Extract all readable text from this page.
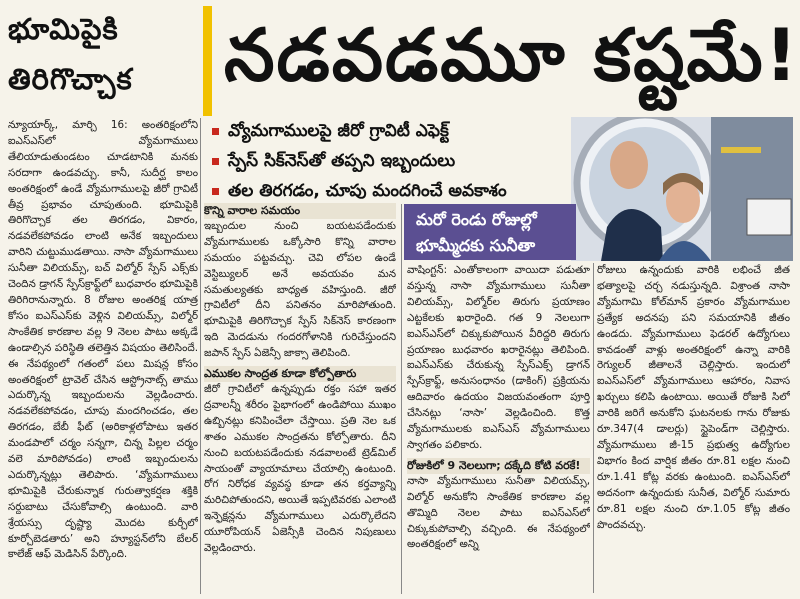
భూమిపైకి
తిరిగొచ్చాక	నడవడమూ కష్టమే!
వ్యోమగాములపై జీరో గ్రావిటీ ఎఫెక్ట్
స్పేస్ సిక్‌నెస్‌తో తప్పని ఇబ్బందులు
తల తిరగడం, చూపు మందగించే అవకాశం
మరో రెండు రోజుల్లో
భూమ్మీదకు సునీతా
న్యూయార్క్, మార్చి 16: అంతరిక్షంలోని ఐఎస్ఎస్‌లో వ్యోమగాములు తేలియాడుతుండటం చూడటానికి మనకు సరదాగా ఉండవచ్చు. కానీ, సుదీర్ఘ కాలం అంతరిక్షంలో ఉండే వ్యోమగాములపై జీరో గ్రావిటీ తీవ్ర ప్రభావం చూపుతుంది. భూమిపైకి తిరిగొచ్చాక తల తిరగడం, వికారం, నడవలేకపోవడం లాంటి అనేక ఇబ్బందులు వారిని చుట్టుముడతాయి. నాసా వ్యోమగాములు సునీతా విలియమ్స్, బచ్ విల్మోర్ స్పేస్ ఎక్స్‌కు చెందిన డ్రాగన్ స్పేస్‌క్రాఫ్ట్‌లో బుధవారం భూమిపైకి తిరిగిరానున్నారు. 8 రోజుల అంతరిక్ష యాత్ర కోసం ఐఎస్ఎస్‌కు వెళ్లిన విలియమ్స్, విల్మోర్ సాంకేతిక కారణాల వల్ల 9 నెలల పాటు అక్కడే ఉండాల్సిన పరిస్థితి తలెత్తిన విషయం తెలిసిందే. ఈ నేపథ్యంలో గతంలో పలు మిషన్ల కోసం అంతరిక్షంలో ట్రావెల్ చేసిన ఆస్ట్రోనాట్స్ తాము ఎదుర్కొన్న ఇబ్బందులను వెల్లడించారు. నడవలేకపోవడం, చూపు మందగించడం, తల తిరగడం, బేబీ ఫీట్ (అరికాళ్లలోపాటు ఇతర మండపాలో చర్మం సన్నగా, చిన్న పిల్లల చర్మం వలె మారిపోవడం) లాంటి ఇబ్బందులను ఎదుర్కొన్నట్లు తెలిపారు. ‘వ్యోమగాములు భూమిపైకి చేరుకున్నాక గురుత్వాకర్షణ శక్తికి సర్దుబాటు చేసుకోవాల్సి ఉంటుంది. వారి శ్రేయస్సు దృష్ట్యా మొదట కుర్చీలో కూర్చోబెడతారు’ అని హ్యూస్టన్‌లోని బేలర్ కాలేజ్ ఆఫ్ మెడిసిన్ పేర్కొంది.
కొన్ని వారాల సమయం
ఇబ్బందుల నుంచి బయటపడేందుకు వ్యోమగాములకు ఒక్కోసారి కొన్ని వారాల సమయం పట్టవచ్చు. చెవి లోపల ఉండే వెస్టిబ్యులర్ అనే అవయవం మన సమతుల్యతకు బాధ్యత వహిస్తుంది. జీరో గ్రావిటీలో దీని పనితనం మారిపోతుంది. భూమిపైకి తిరిగొచ్చాక స్పేస్ సిక్‌నెస్ కారణంగా ఇది మెదడును గందరగోళానికి గురిచేస్తుందని జపాన్ స్పేస్ ఏజెన్సీ జాక్సా తెలిపింది.
ఎముకల సాంద్రత కూడా కోల్పోతారు
జీరో గ్రావిటీలో ఉన్నప్పుడు రక్తం సహా ఇతర ద్రవాలన్నీ శరీరం పైభాగంలో ఉండిపోయి ముఖం ఉబ్బినట్లు కనిపించేలా చేస్తాయి. ప్రతి నెల ఒక శాతం ఎముకల సాంద్రతను కోల్పోతారు. దీని నుంచి బయటపడేందుకు నడవాలంటే ట్రెడ్‌మిల్ సాయంతో వ్యాయామాలు చేయాల్సి ఉంటుంది. రోగ నిరోధక వ్యవస్థ కూడా తన కర్తవ్యాన్ని మరిచిపోతుందని, అయితే ఇప్పటివరకు ఎలాంటి ఇన్ఫెక్షన్లను వ్యోమగాములు ఎదుర్కొలేదని యూరోపియన్ ఏజెన్సీకి చెందిన నిపుణులు వెల్లడించారు.
వాషింగ్టన్: ఎంతోకాలంగా వాయిదా పడుతూ వస్తున్న నాసా వ్యోమగాములు సునీతా విలియమ్స్, విల్మోర్‌ల తిరుగు ప్రయాణం ఎట్టకేలకు ఖరారైంది. గత 9 నెలలుగా ఐఎస్ఎస్‌లో చిక్కుకుపోయిన వీరిద్దరి తిరుగు ప్రయాణం బుధవారం ఖరారైనట్లు తెలిపింది. ఐఎస్ఎస్‌కు చేరుకున్న స్పేస్ఎక్స్ డ్రాగన్ స్పేస్‌క్రాఫ్ట్, అనుసంధానం (డాకింగ్) ప్రక్రియను ఆదివారం ఉదయం విజయవంతంగా పూర్తి చేసినట్లు ‘నాసా’ వెల్లడించింది. కొత్త వ్యోమగాములకు ఐఎస్ఎస్ వ్యోమగాములు స్వాగతం పలికారు.
రోజుకిలో 9 నెలలుగా; దక్కేది కోటి వరకే!
నాసా వ్యోమగాములు సునీతా విలియమ్స్, విల్మోర్ అనుకోని సాంకేతిక కారణాల వల్ల తొమ్మిది నెలల పాటు ఐఎస్ఎస్‌లో చిక్కుకుపోవాల్సి వచ్చింది. ఈ నేపథ్యంలో అంతరిక్షంలో అన్ని
రోజులు ఉన్నందుకు వారికి లభించే జీత భత్యాలపై చర్చ నడుస్తున్నది. విశ్రాంత నాసా వ్యోమగామి కోల్‌మాన్ ప్రకారం వ్యోమగాముల ప్రత్యేక అదనపు పని సమయానికి జీతం ఉండదు. వ్యోమగాములు ఫెడరల్ ఉద్యోగులు కావడంతో వాళ్లు అంతరిక్షంలో ఉన్నా వారికి రెగ్యులర్ జీతాలనే చెల్లిస్తారు. ఇందులో ఐఎస్ఎస్‌లో వ్యోమగాములు ఆహారం, నివాస ఖర్చులు కలిపి ఉంటాయి. అయితే రోజుకి సిలో వారికి జరిగే అనుకోని ఘటనలకు గాను రోజుకు రూ.347(4 డాలర్లు) స్టైపెండ్‌గా చెల్లిస్తారు. వ్యోమగాములు జీ-15 ప్రభుత్వ ఉద్యోగుల విభాగం కింద వార్షిక జీతం రూ.81 లక్షల నుంచి రూ.1.41 కోట్ల వరకు ఉంటుంది. ఐఎస్ఎస్‌లో అదనంగా ఉన్నందుకు సునీత, విల్మోర్ సుమారు రూ.81 లక్షల నుంచి రూ.1.05 కోట్ల జీతం పొందవచ్చు.
